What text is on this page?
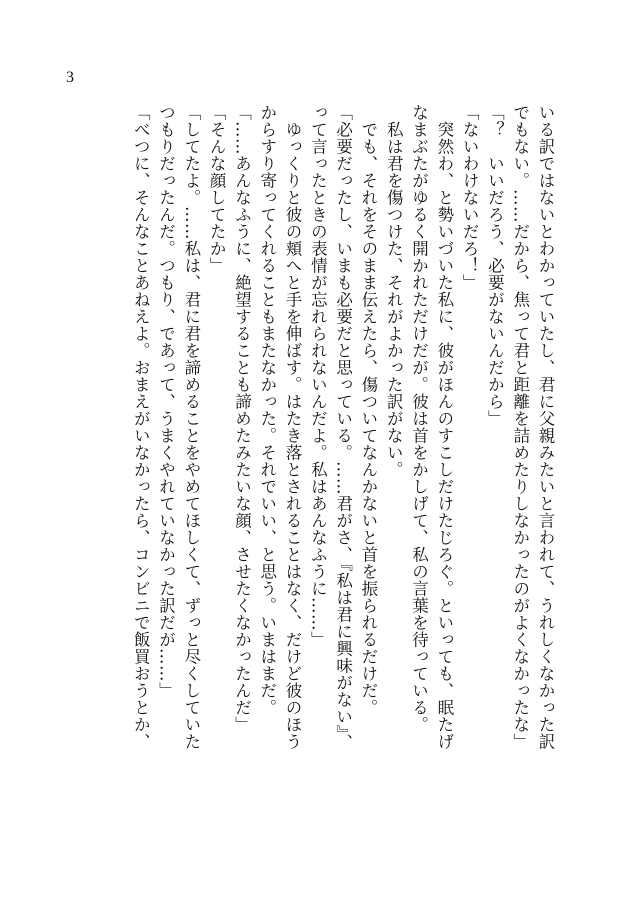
3

いる訳ではないとわかっていたし、君に父親みたいと言われて、うれしくなかった訳

でもない。……だから、焦って君と距離を詰めたりしなかったのがよくなかったな」

「？　いいだろう、必要がないんだから」

「ないわけないだろ！」

　突然わ、と勢いづいた私に、彼がほんのすこしだけたじろぐ。といっても、眠たげ

なまぶたがゆるく開かれただけだが。彼は首をかしげて、私の言葉を待っている。

　私は君を傷つけた、それがよかった訳がない。

　でも、それをそのまま伝えたら、傷ついてなんかないと首を振られるだけだ。

「必要だったし、いまも必要だと思っている。……君がさ、『私は君に興味がない』、

って言ったときの表情が忘れられないんだよ。私はあんなふうに……」

　ゆっくりと彼の頬へと手を伸ばす。はたき落とされることはなく、だけど彼のほう

からすり寄ってくれることもまたなかった。それでいい、と思う。いまはまだ。

「……あんなふうに、絶望することも諦めたみたいな顔、させたくなかったんだ」

「そんな顔してたか」

「してたよ。……私は、君に君を諦めることをやめてほしくて、ずっと尽くしていた

つもりだったんだ。つもり、であって、うまくやれていなかった訳だが……」

「べつに、そんなことあねえよ。おまえがいなかったら、コンビニで飯買おうとか、
